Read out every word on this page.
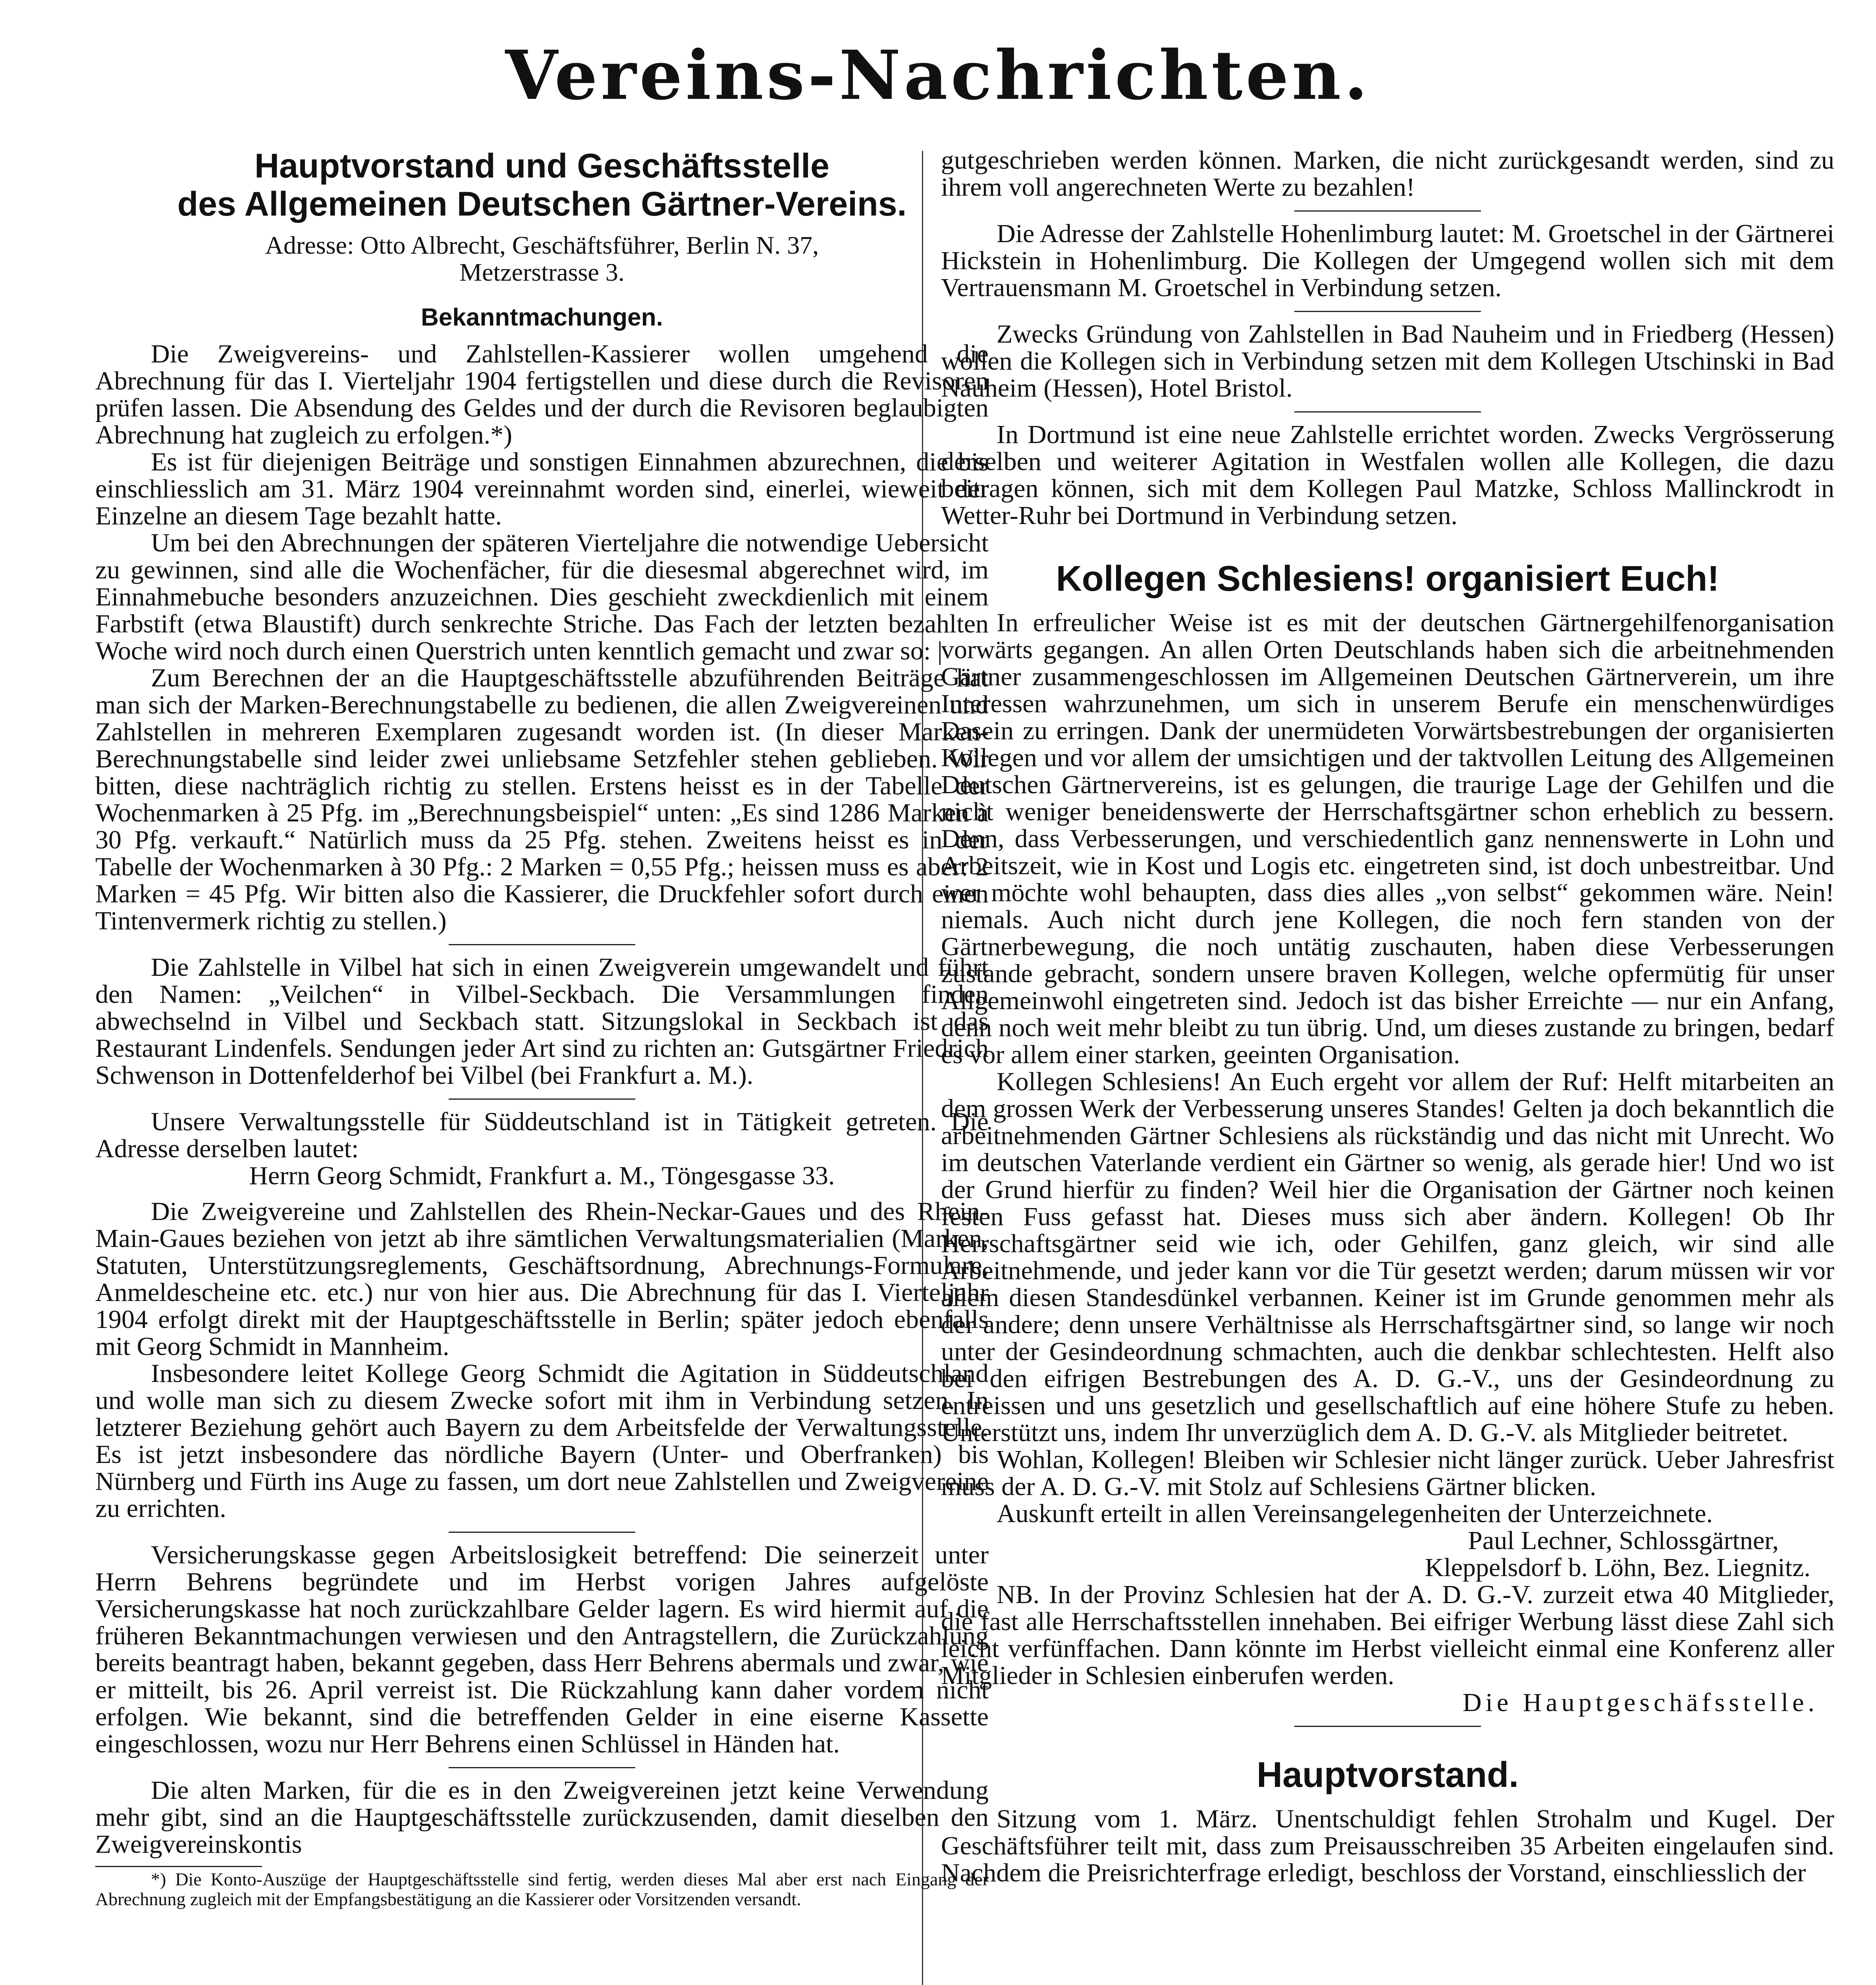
Vereins-Nachrichten.
Hauptvorstand und Geschäftsstelle
des Allgemeinen Deutschen Gärtner-Vereins.
Adresse: Otto Albrecht, Geschäftsführer, Berlin N. 37,
Metzerstrasse 3.
Bekanntmachungen.

Die Zweigvereins- und Zahlstellen-Kassierer wollen umgehend die Abrechnung für das I. Vierteljahr 1904 fertigstellen und diese durch die Revisoren prüfen lassen. Die Absendung des Geldes und der durch die Revisoren beglaubigten Abrechnung hat zugleich zu erfolgen.*)

Es ist für diejenigen Beiträge und sonstigen Einnahmen abzurechnen, die bis einschliesslich am 31. März 1904 vereinnahmt worden sind, einerlei, wieweit der Einzelne an diesem Tage bezahlt hatte.

Um bei den Abrechnungen der späteren Vierteljahre die notwendige Uebersicht zu gewinnen, sind alle die Wochenfächer, für die diesesmal abgerechnet wird, im Einnahmebuche besonders anzuzeichnen. Dies geschieht zweckdienlich mit einem Farbstift (etwa Blaustift) durch senkrechte Striche. Das Fach der letzten bezahlten Woche wird noch durch einen Querstrich unten kenntlich gemacht und zwar so: |

Zum Berechnen der an die Hauptgeschäftsstelle abzuführenden Beiträge hat man sich der Marken-Berechnungstabelle zu bedienen, die allen Zweigvereinen und Zahlstellen in mehreren Exemplaren zugesandt worden ist. (In dieser Marken-Berechnungstabelle sind leider zwei unliebsame Setzfehler stehen geblieben. Wir bitten, diese nachträglich richtig zu stellen. Erstens heisst es in der Tabelle der Wochenmarken à 25 Pfg. im „Berechnungsbeispiel“ unten: „Es sind 1286 Marken à 30 Pfg. verkauft.“ Natürlich muss da 25 Pfg. stehen. Zweitens heisst es in der Tabelle der Wochenmarken à 30 Pfg.: 2 Marken = 0,55 Pfg.; heissen muss es aber: 2 Marken = 45 Pfg. Wir bitten also die Kassierer, die Druckfehler sofort durch einen Tintenvermerk richtig zu stellen.)

Die Zahlstelle in Vilbel hat sich in einen Zweigverein umgewandelt und führt den Namen: „Veilchen“ in Vilbel-Seckbach. Die Versammlungen finden abwechselnd in Vilbel und Seckbach statt. Sitzungslokal in Seckbach ist das Restaurant Lindenfels. Sendungen jeder Art sind zu richten an: Gutsgärtner Friedrich Schwenson in Dottenfelderhof bei Vilbel (bei Frankfurt a. M.).

Unsere Verwaltungsstelle für Süddeutschland ist in Tätigkeit getreten. Die Adresse derselben lautet:

Herrn Georg Schmidt, Frankfurt a. M., Töngesgasse 33.

Die Zweigvereine und Zahlstellen des Rhein-Neckar-Gaues und des Rhein-Main-Gaues beziehen von jetzt ab ihre sämtlichen Verwaltungsmaterialien (Marken, Statuten, Unterstützungsreglements, Geschäftsordnung, Abrechnungs-Formulare, Anmeldescheine etc. etc.) nur von hier aus. Die Abrechnung für das I. Vierteljahr 1904 erfolgt direkt mit der Hauptgeschäftsstelle in Berlin; später jedoch ebenfalls mit Georg Schmidt in Mannheim.

Insbesondere leitet Kollege Georg Schmidt die Agitation in Süddeutschland und wolle man sich zu diesem Zwecke sofort mit ihm in Verbindung setzen. In letzterer Beziehung gehört auch Bayern zu dem Arbeitsfelde der Verwaltungsstelle. Es ist jetzt insbesondere das nördliche Bayern (Unter- und Oberfranken) bis Nürnberg und Fürth ins Auge zu fassen, um dort neue Zahlstellen und Zweigvereine zu errichten.

Versicherungskasse gegen Arbeitslosigkeit betreffend: Die seinerzeit unter Herrn Behrens begründete und im Herbst vorigen Jahres aufgelöste Versicherungskasse hat noch zurückzahlbare Gelder lagern. Es wird hiermit auf die früheren Bekanntmachungen verwiesen und den Antragstellern, die Zurückzahlung bereits beantragt haben, bekannt gegeben, dass Herr Behrens abermals und zwar, wie er mitteilt, bis 26. April verreist ist. Die Rückzahlung kann daher vordem nicht erfolgen. Wie bekannt, sind die betreffenden Gelder in eine eiserne Kassette eingeschlossen, wozu nur Herr Behrens einen Schlüssel in Händen hat.

Die alten Marken, für die es in den Zweigvereinen jetzt keine Verwendung mehr gibt, sind an die Hauptgeschäftsstelle zurückzusenden, damit dieselben den Zweigvereinskontis

*) Die Konto-Auszüge der Hauptgeschäftsstelle sind fertig, werden dieses Mal aber erst nach Eingang der Abrechnung zugleich mit der Empfangsbestätigung an die Kassierer oder Vorsitzenden versandt.

gutgeschrieben werden können. Marken, die nicht zurückgesandt werden, sind zu ihrem voll angerechneten Werte zu bezahlen!

Die Adresse der Zahlstelle Hohenlimburg lautet: M. Groetschel in der Gärtnerei Hickstein in Hohenlimburg. Die Kollegen der Umgegend wollen sich mit dem Vertrauensmann M. Groetschel in Verbindung setzen.

Zwecks Gründung von Zahlstellen in Bad Nauheim und in Friedberg (Hessen) wollen die Kollegen sich in Verbindung setzen mit dem Kollegen Utschinski in Bad Nauheim (Hessen), Hotel Bristol.

In Dortmund ist eine neue Zahlstelle errichtet worden. Zwecks Vergrösserung derselben und weiterer Agitation in Westfalen wollen alle Kollegen, die dazu beitragen können, sich mit dem Kollegen Paul Matzke, Schloss Mallinckrodt in Wetter-Ruhr bei Dortmund in Verbindung setzen.

Kollegen Schlesiens! organisiert Euch!

In erfreulicher Weise ist es mit der deutschen Gärtnergehilfenorganisation vorwärts gegangen. An allen Orten Deutschlands haben sich die arbeitnehmenden Gärtner zusammengeschlossen im Allgemeinen Deutschen Gärtnerverein, um ihre Interessen wahrzunehmen, um sich in unserem Berufe ein menschenwürdiges Dasein zu erringen. Dank der unermüdeten Vorwärtsbestrebungen der organisierten Kollegen und vor allem der umsichtigen und der taktvollen Leitung des Allgemeinen Deutschen Gärtnervereins, ist es gelungen, die traurige Lage der Gehilfen und die nicht weniger beneidenswerte der Herrschaftsgärtner schon erheblich zu bessern. Denn, dass Verbesserungen, und verschiedentlich ganz nennenswerte in Lohn und Arbeitszeit, wie in Kost und Logis etc. eingetreten sind, ist doch unbestreitbar. Und wer möchte wohl behaupten, dass dies alles „von selbst“ gekommen wäre. Nein! niemals. Auch nicht durch jene Kollegen, die noch fern standen von der Gärtnerbewegung, die noch untätig zuschauten, haben diese Verbesserungen zustande gebracht, sondern unsere braven Kollegen, welche opfermütig für unser Allgemeinwohl eingetreten sind. Jedoch ist das bisher Erreichte — nur ein Anfang, denn noch weit mehr bleibt zu tun übrig. Und, um dieses zustande zu bringen, bedarf es vor allem einer starken, geeinten Organisation.

Kollegen Schlesiens! An Euch ergeht vor allem der Ruf: Helft mitarbeiten an dem grossen Werk der Verbesserung unseres Standes! Gelten ja doch bekanntlich die arbeitnehmenden Gärtner Schlesiens als rückständig und das nicht mit Unrecht. Wo im deutschen Vaterlande verdient ein Gärtner so wenig, als gerade hier! Und wo ist der Grund hierfür zu finden? Weil hier die Organisation der Gärtner noch keinen festen Fuss gefasst hat. Dieses muss sich aber ändern. Kollegen! Ob Ihr Herrschaftsgärtner seid wie ich, oder Gehilfen, ganz gleich, wir sind alle Arbeitnehmende, und jeder kann vor die Tür gesetzt werden; darum müssen wir vor allem diesen Standesdünkel verbannen. Keiner ist im Grunde genommen mehr als der andere; denn unsere Verhältnisse als Herrschaftsgärtner sind, so lange wir noch unter der Gesindeordnung schmachten, auch die denkbar schlechtesten. Helft also bei den eifrigen Bestrebungen des A. D. G.-V., uns der Gesindeordnung zu entreissen und uns gesetzlich und gesellschaftlich auf eine höhere Stufe zu heben. Unterstützt uns, indem Ihr unverzüglich dem A. D. G.-V. als Mitglieder beitretet.

Wohlan, Kollegen! Bleiben wir Schlesier nicht länger zurück. Ueber Jahresfrist muss der A. D. G.-V. mit Stolz auf Schlesiens Gärtner blicken.

Auskunft erteilt in allen Vereinsangelegenheiten der Unterzeichnete.

Paul Lechner, Schlossgärtner,
Kleppelsdorf b. Löhn, Bez. Liegnitz.

NB. In der Provinz Schlesien hat der A. D. G.-V. zurzeit etwa 40 Mitglieder, die fast alle Herrschaftsstellen innehaben. Bei eifriger Werbung lässt diese Zahl sich leicht verfünffachen. Dann könnte im Herbst vielleicht einmal eine Konferenz aller Mitglieder in Schlesien einberufen werden.

Die Hauptgeschäfsstelle.
Hauptvorstand.

Sitzung vom 1. März. Unentschuldigt fehlen Strohalm und Kugel. Der Geschäftsführer teilt mit, dass zum Preisausschreiben 35 Arbeiten eingelaufen sind. Nachdem die Preisrichterfrage erledigt, beschloss der Vorstand, einschliesslich der
